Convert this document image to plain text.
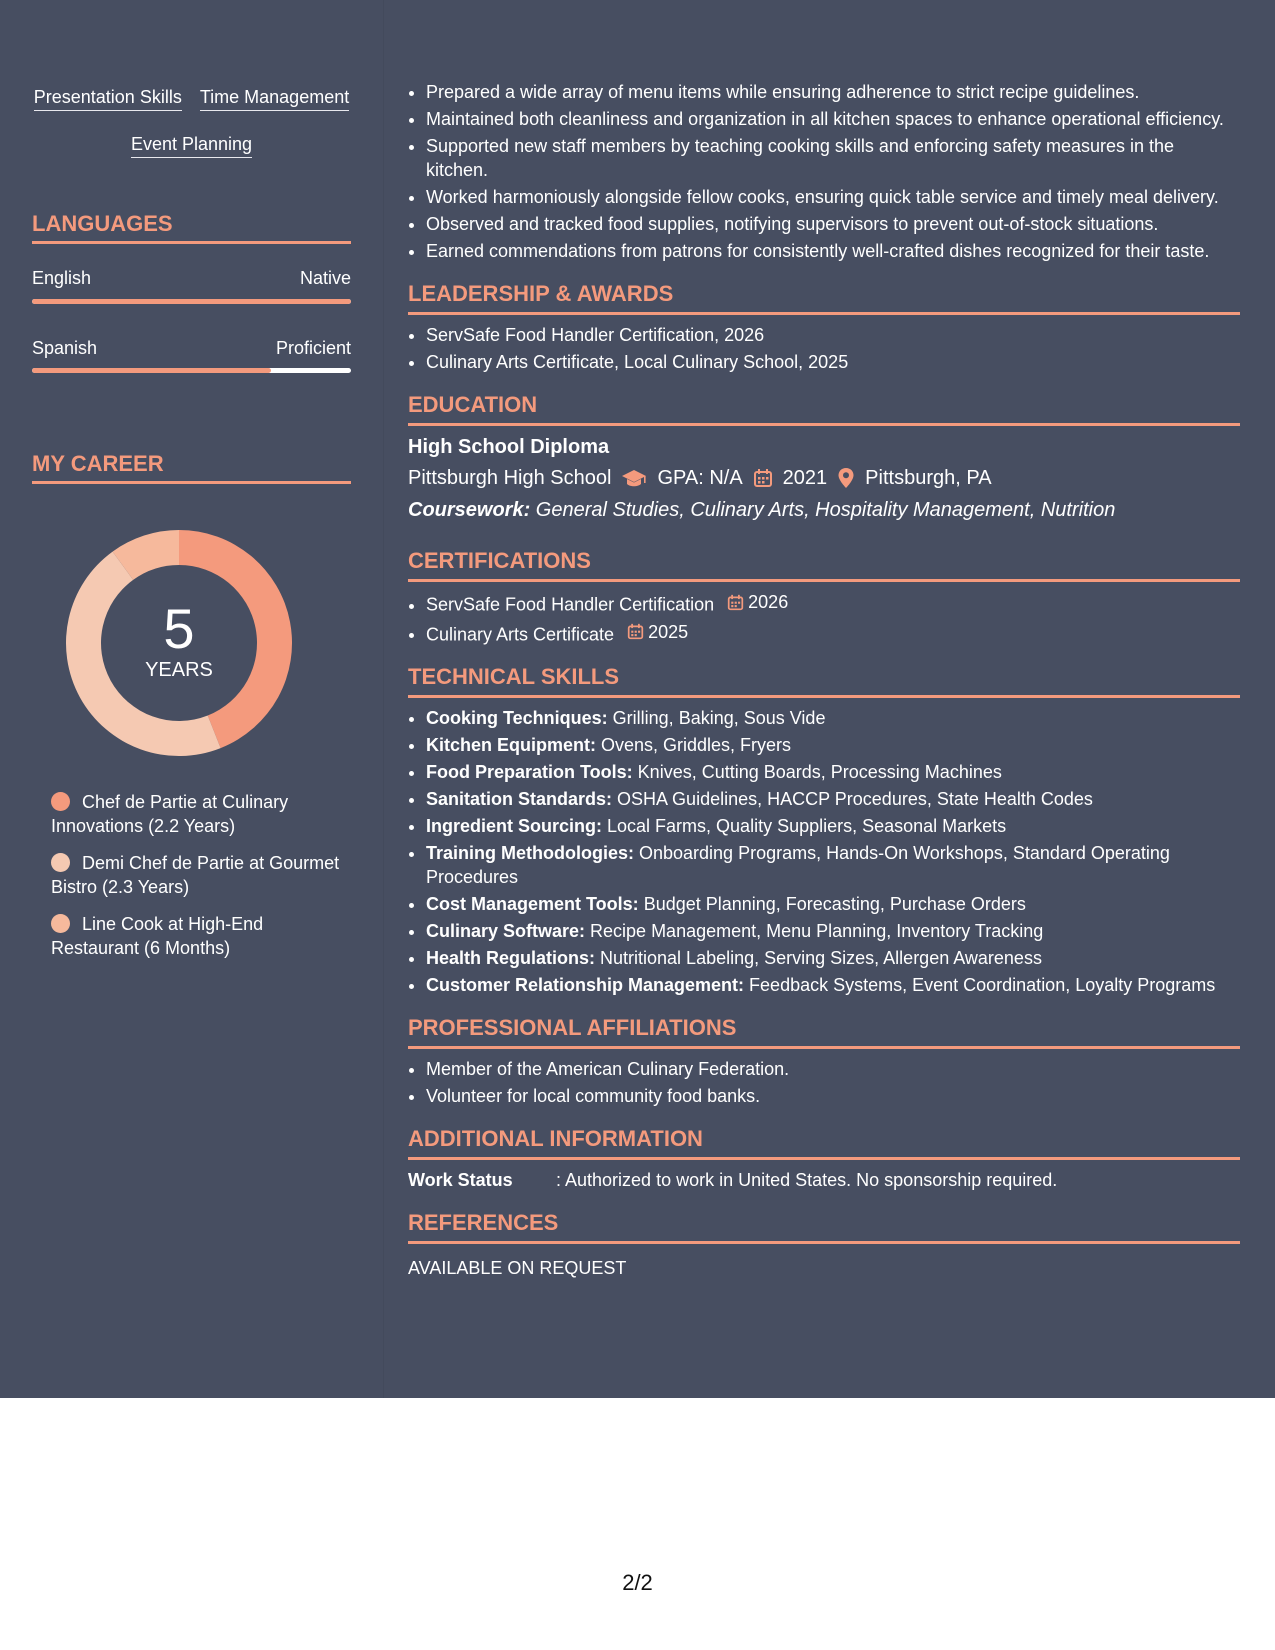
Presentation Skills Time Management
Event Planning
LANGUAGES
English	Native
Spanish	Proficient
MY CAREER
5
YEARS
Chef de Partie at Culinary Innovations (2.2 Years)
Demi Chef de Partie at Gourmet Bistro (2.3 Years)
Line Cook at High-End Restaurant (6 Months)
• Prepared a wide array of menu items while ensuring adherence to strict recipe guidelines.
• Maintained both cleanliness and organization in all kitchen spaces to enhance operational efficiency.
• Supported new staff members by teaching cooking skills and enforcing safety measures in the kitchen.
• Worked harmoniously alongside fellow cooks, ensuring quick table service and timely meal delivery.
• Observed and tracked food supplies, notifying supervisors to prevent out-of-stock situations.
• Earned commendations from patrons for consistently well-crafted dishes recognized for their taste.
LEADERSHIP & AWARDS
• ServSafe Food Handler Certification, 2026
• Culinary Arts Certificate, Local Culinary School, 2025
EDUCATION
High School Diploma
Pittsburgh High School GPA: N/A 2021 Pittsburgh, PA
Coursework: General Studies, Culinary Arts, Hospitality Management, Nutrition
CERTIFICATIONS
• ServSafe Food Handler Certification 2026
• Culinary Arts Certificate 2025
TECHNICAL SKILLS
• Cooking Techniques: Grilling, Baking, Sous Vide
• Kitchen Equipment: Ovens, Griddles, Fryers
• Food Preparation Tools: Knives, Cutting Boards, Processing Machines
• Sanitation Standards: OSHA Guidelines, HACCP Procedures, State Health Codes
• Ingredient Sourcing: Local Farms, Quality Suppliers, Seasonal Markets
• Training Methodologies: Onboarding Programs, Hands-On Workshops, Standard Operating Procedures
• Cost Management Tools: Budget Planning, Forecasting, Purchase Orders
• Culinary Software: Recipe Management, Menu Planning, Inventory Tracking
• Health Regulations: Nutritional Labeling, Serving Sizes, Allergen Awareness
• Customer Relationship Management: Feedback Systems, Event Coordination, Loyalty Programs
PROFESSIONAL AFFILIATIONS
• Member of the American Culinary Federation.
• Volunteer for local community food banks.
ADDITIONAL INFORMATION
Work Status	: Authorized to work in United States. No sponsorship required.
REFERENCES
AVAILABLE ON REQUEST
2/2
